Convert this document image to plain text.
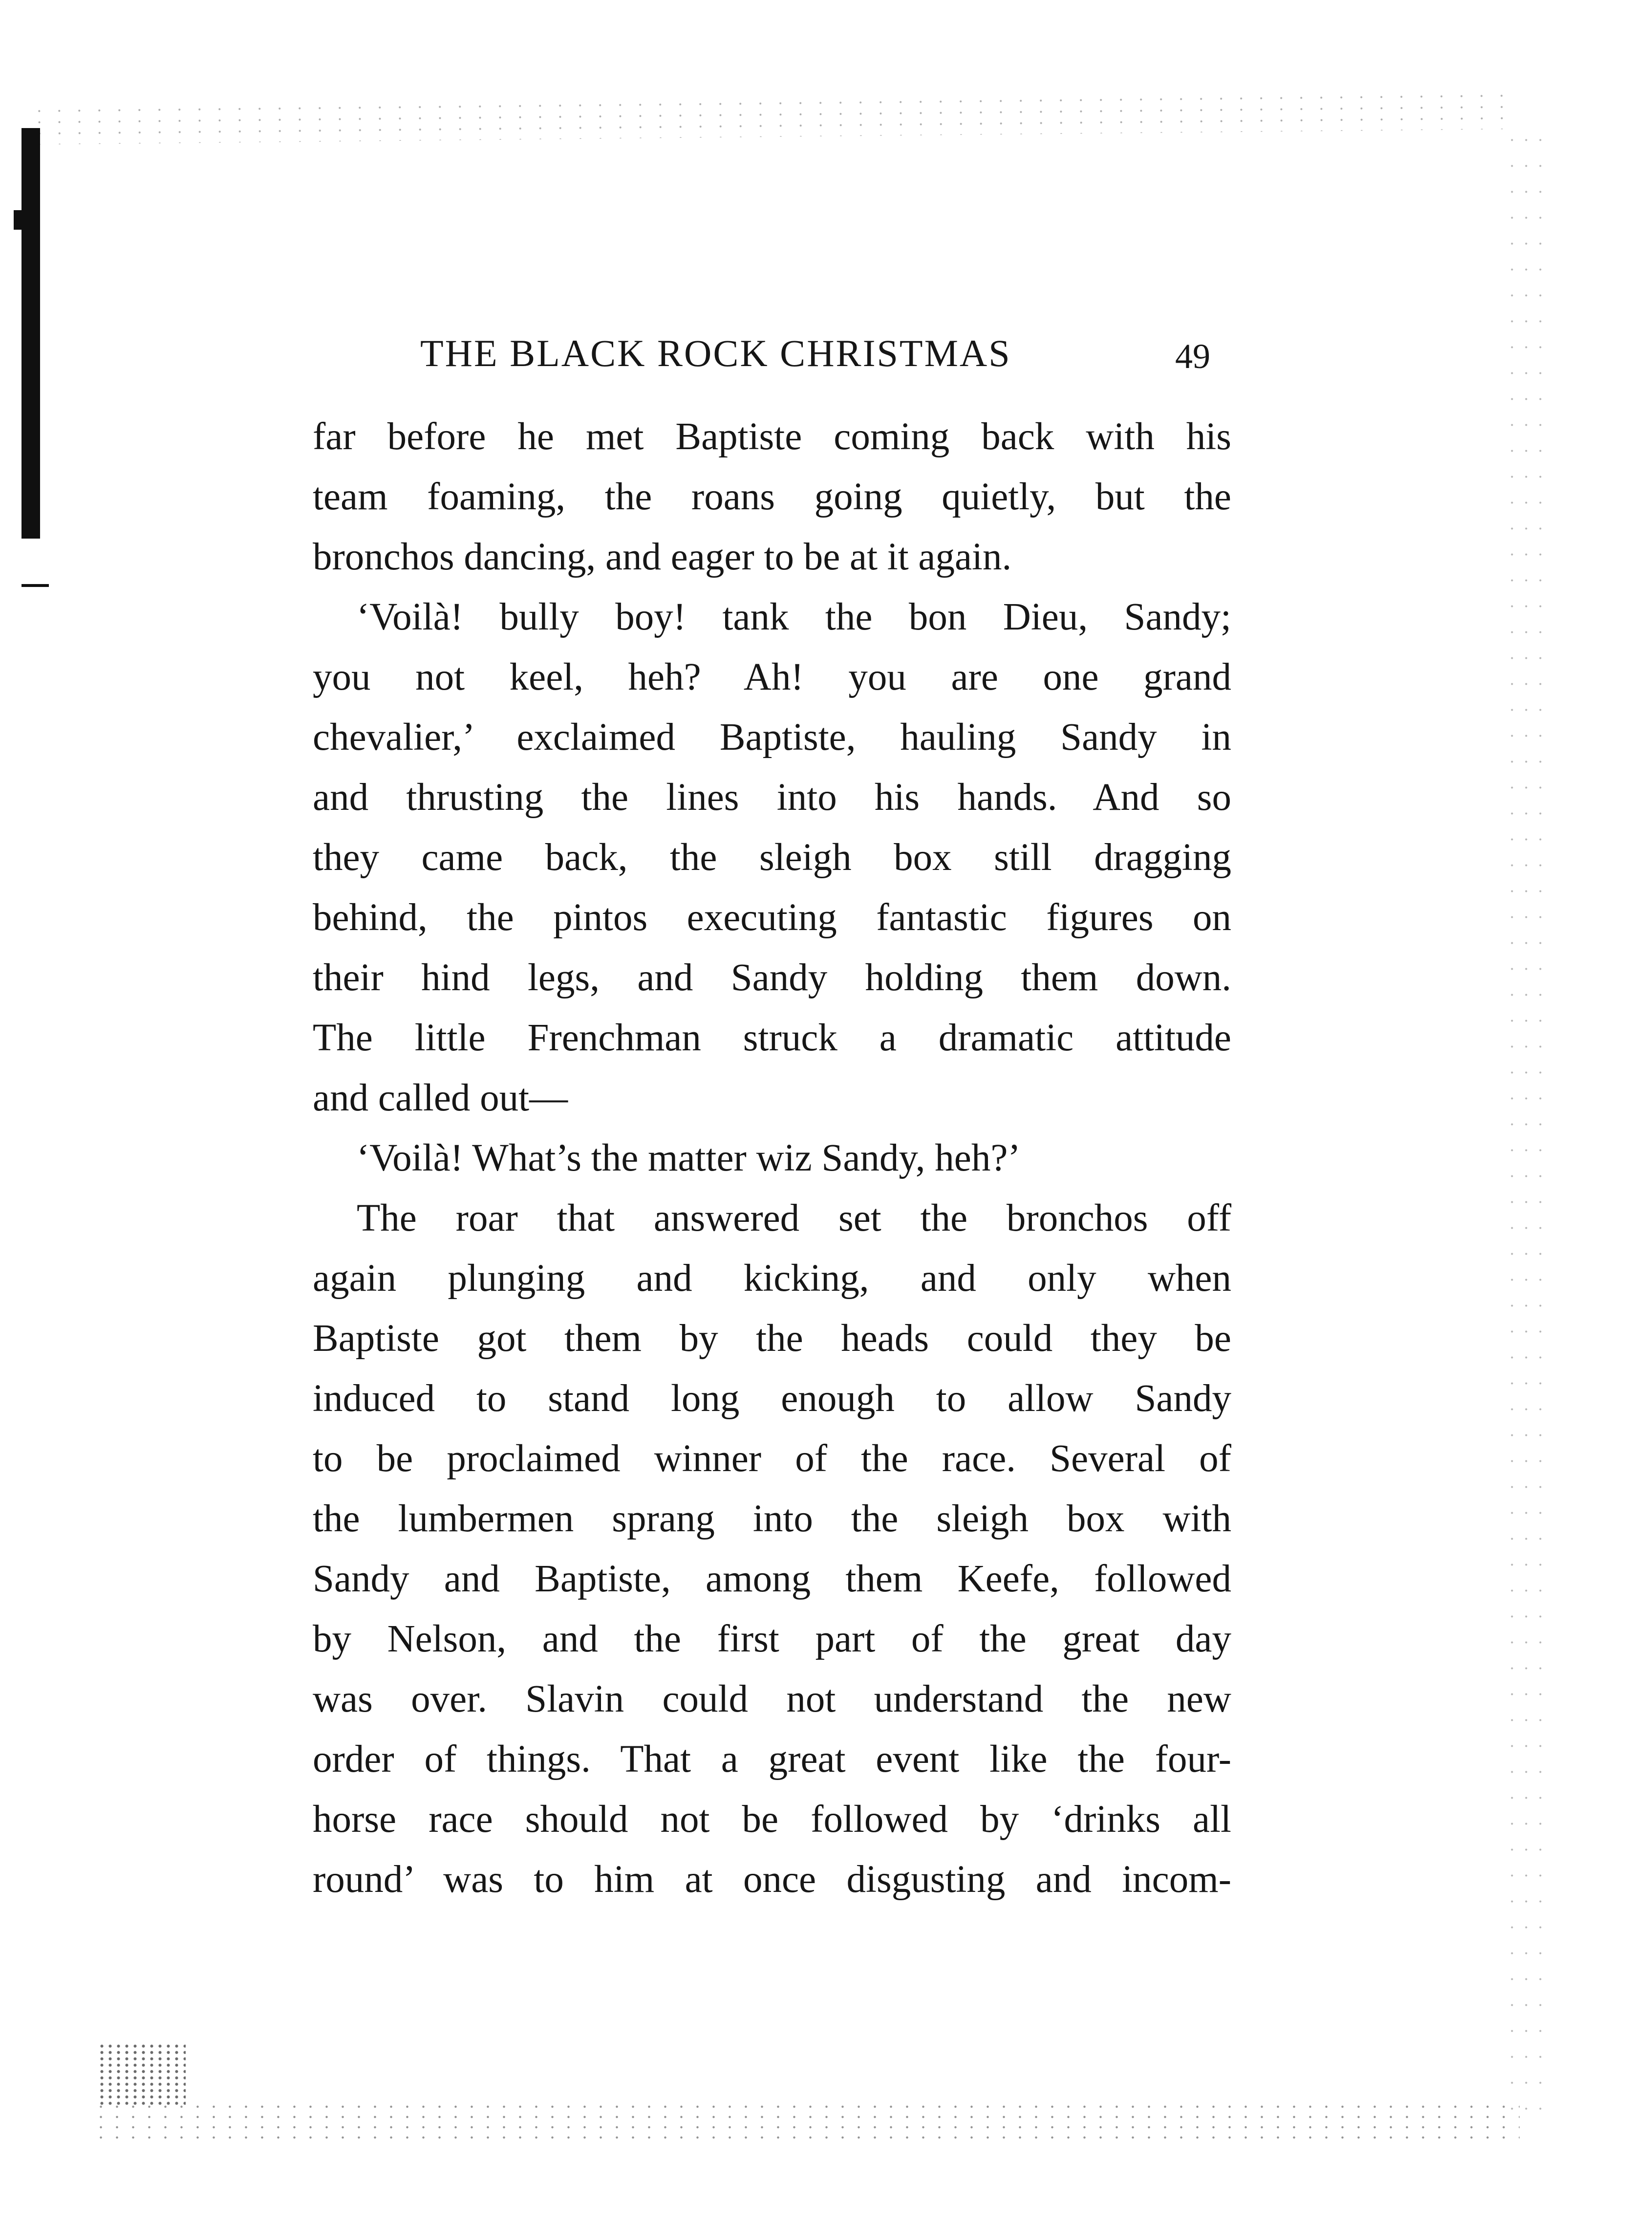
THE BLACK ROCK CHRISTMAS	49
far before he met Baptiste coming back with his
team foaming, the roans going quietly, but the
bronchos dancing, and eager to be at it again.
‘Voilà! bully boy! tank the bon Dieu, Sandy;
you not keel, heh? Ah! you are one grand
chevalier,’ exclaimed Baptiste, hauling Sandy in
and thrusting the lines into his hands. And so
they came back, the sleigh box still dragging
behind, the pintos executing fantastic figures on
their hind legs, and Sandy holding them down.
The little Frenchman struck a dramatic attitude
and called out—
‘Voilà! What’s the matter wiz Sandy, heh?’
The roar that answered set the bronchos off
again plunging and kicking, and only when
Baptiste got them by the heads could they be
induced to stand long enough to allow Sandy
to be proclaimed winner of the race. Several of
the lumbermen sprang into the sleigh box with
Sandy and Baptiste, among them Keefe, followed
by Nelson, and the first part of the great day
was over. Slavin could not understand the new
order of things. That a great event like the four-
horse race should not be followed by ‘drinks all
round’ was to him at once disgusting and incom-
